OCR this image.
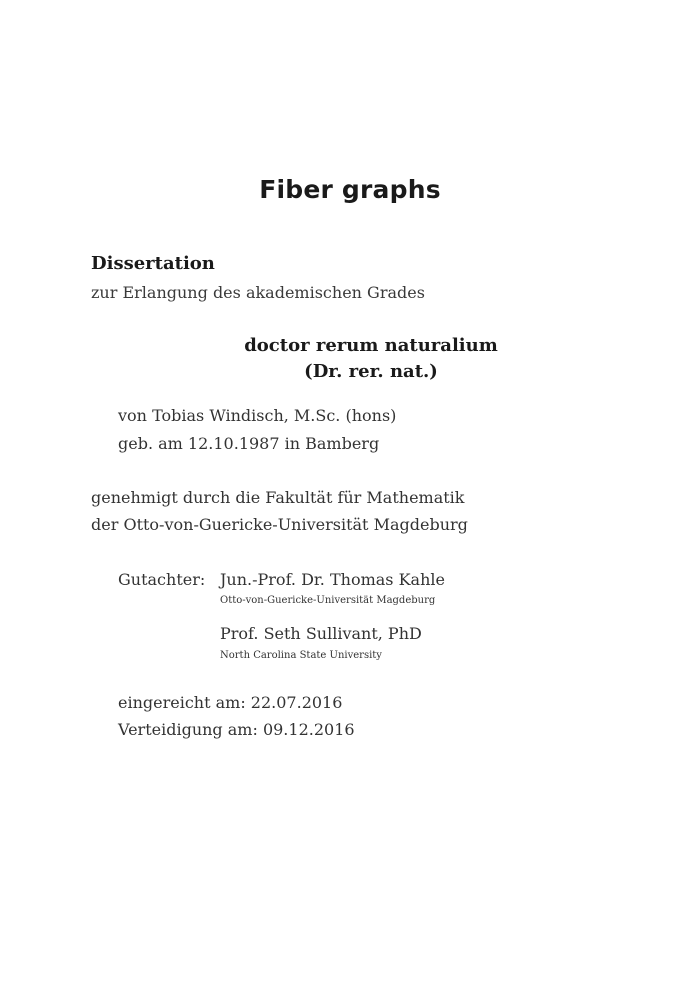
Fiber graphs
Dissertation
zur Erlangung des akademischen Grades
doctor rerum naturalium
(Dr. rer. nat.)
von Tobias Windisch, M.Sc. (hons)
geb. am 12.10.1987 in Bamberg
genehmigt durch die Fakultät für Mathematik
der Otto-von-Guericke-Universität Magdeburg
Gutachter: Jun.-Prof. Dr. Thomas Kahle
Otto-von-Guericke-Universität Magdeburg
Prof. Seth Sullivant, PhD
North Carolina State University
eingereicht am: 22.07.2016
Verteidigung am: 09.12.2016
